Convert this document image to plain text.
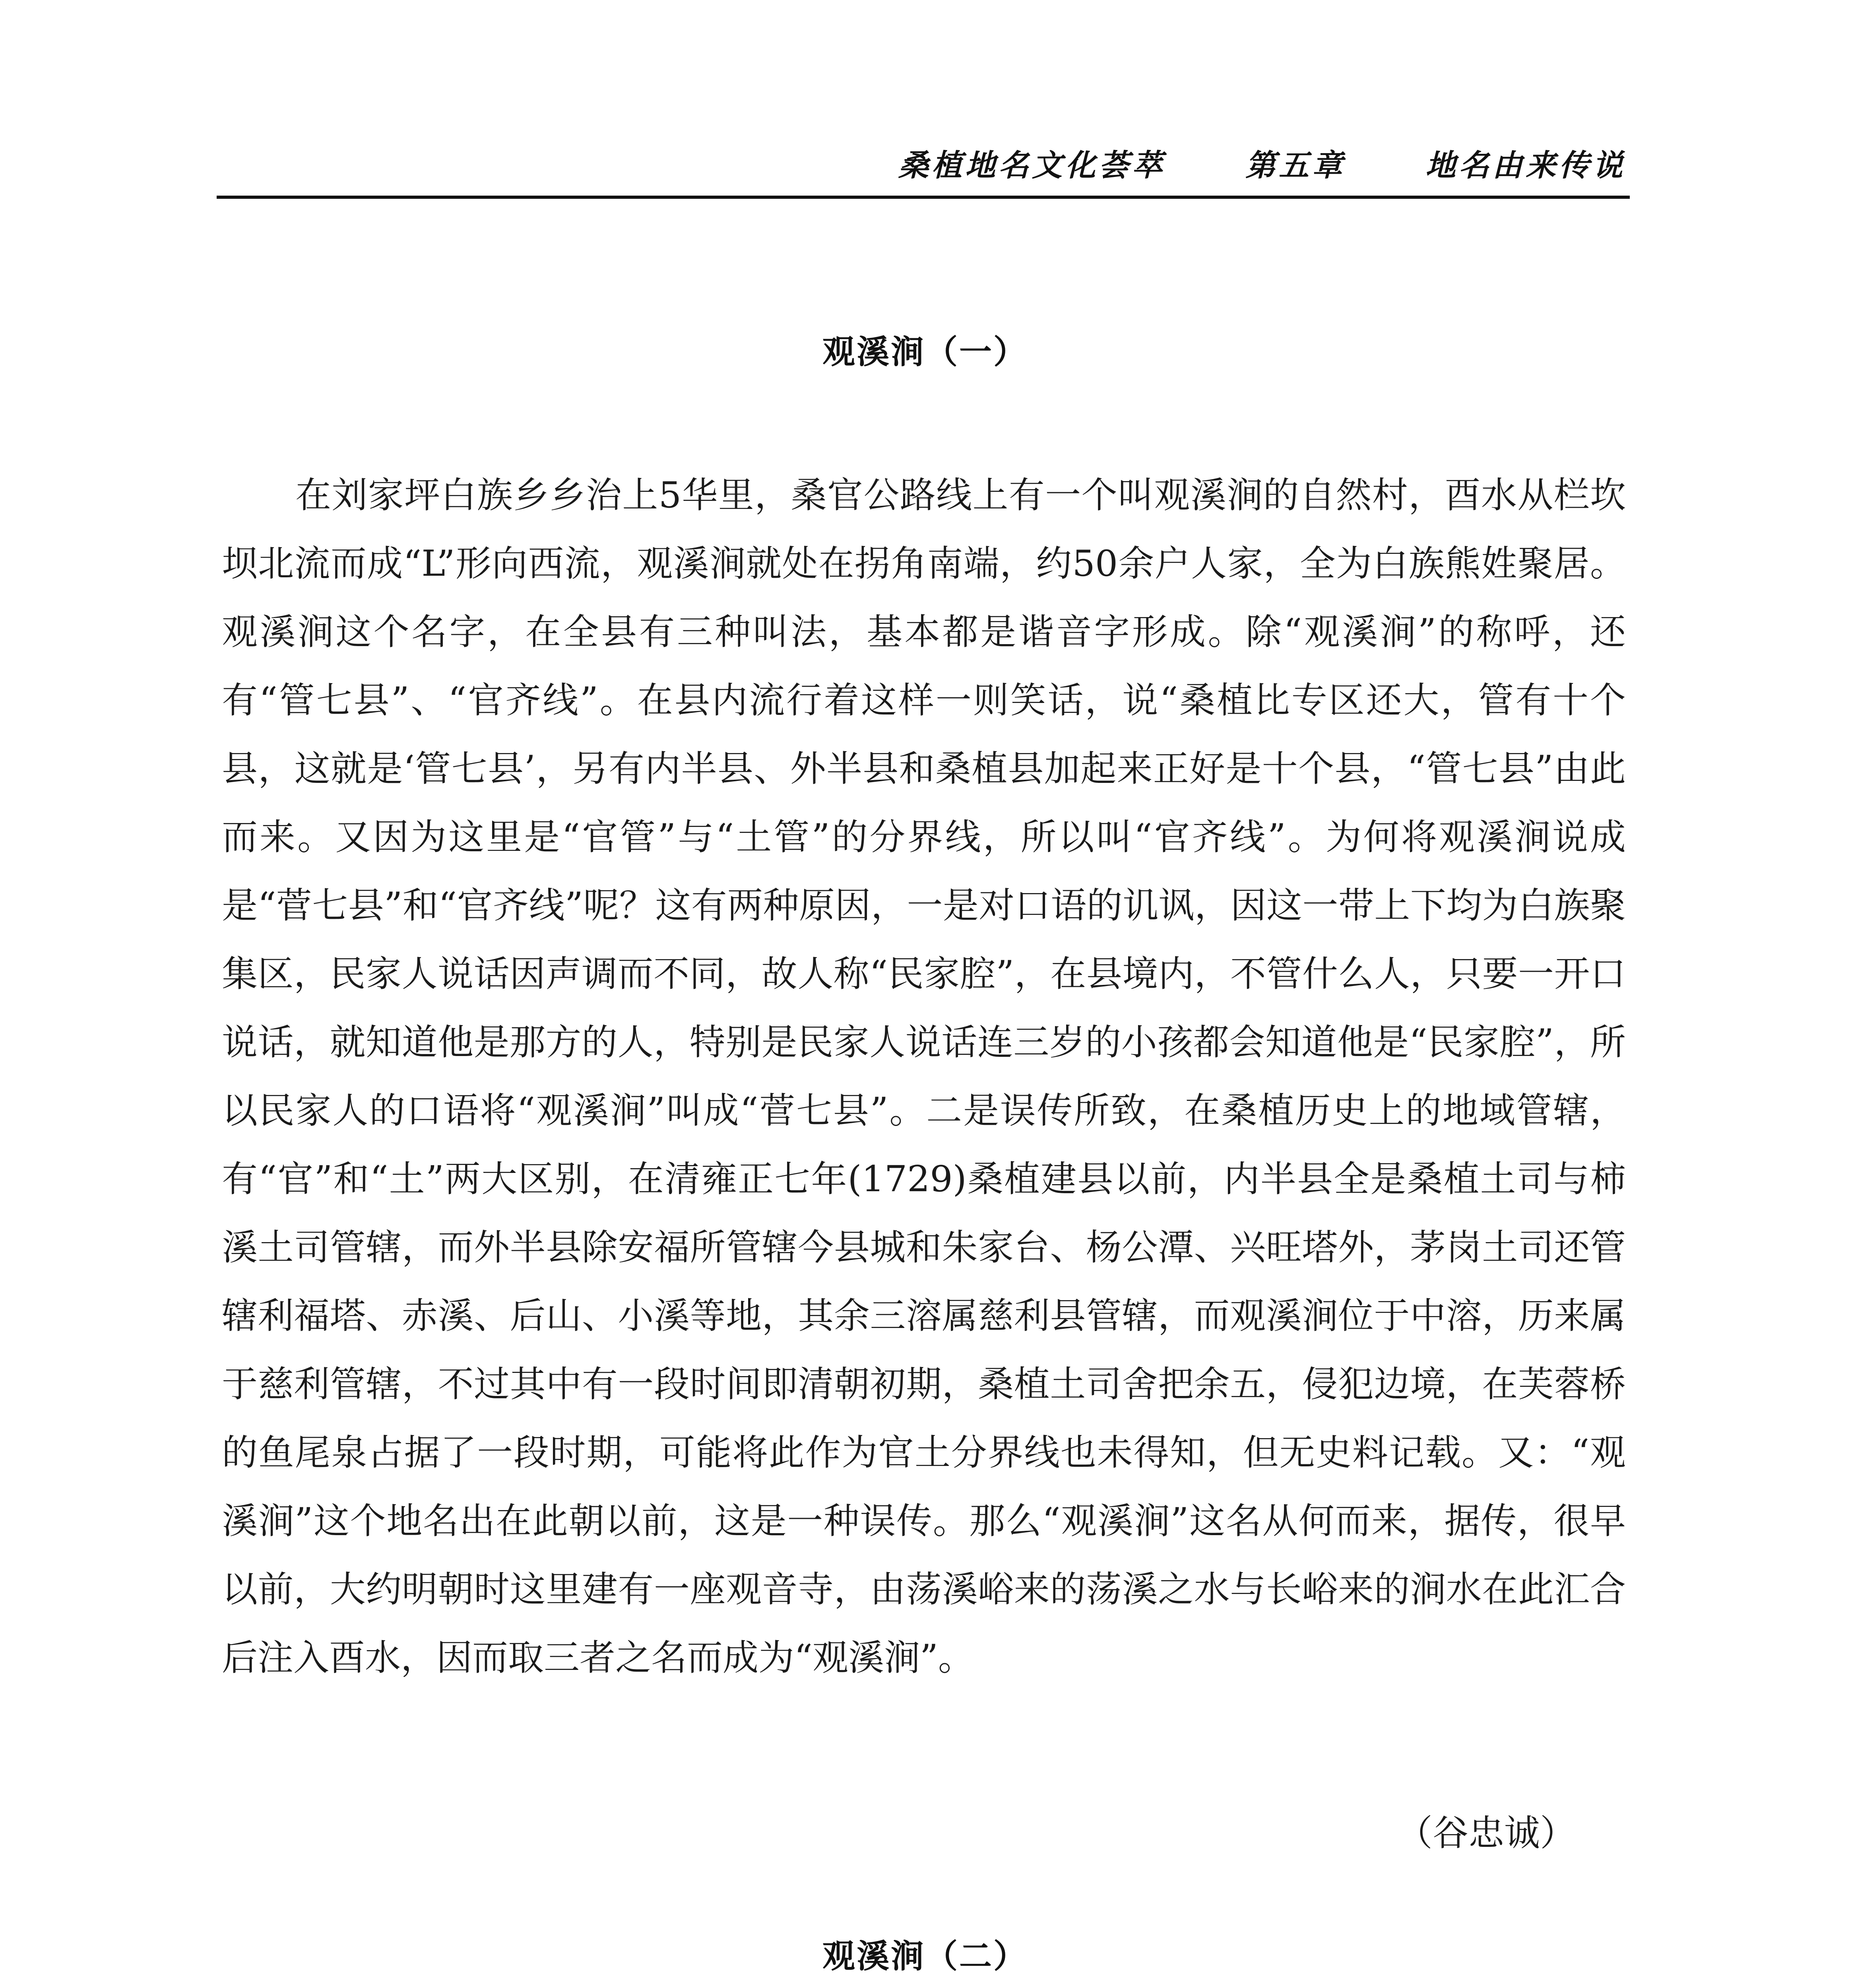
桑植地名文化荟萃	第五章	地名由来传说
观溪涧（一）

在刘家坪白族乡乡治上5华里，桑官公路线上有一个叫观溪涧的自然村，酉水从栏坎坝北流而成“L”形向西流，观溪涧就处在拐角南端，约50余户人家，全为白族熊姓聚居。观溪涧这个名字，在全县有三种叫法，基本都是谐音字形成。除“观溪涧”的称呼，还有“管七县”、“官齐线”。在县内流行着这样一则笑话，说“桑植比专区还大，管有十个县，这就是‘管七县’，另有内半县、外半县和桑植县加起来正好是十个县，“管七县”由此而来。又因为这里是“官管”与“土管”的分界线，所以叫“官齐线”。为何将观溪涧说成是“菅七县”和“官齐线”呢？这有两种原因，一是对口语的讥讽，因这一带上下均为白族聚集区，民家人说话因声调而不同，故人称“民家腔”，在县境内，不管什么人，只要一开口说话，就知道他是那方的人，特别是民家人说话连三岁的小孩都会知道他是“民家腔”，所以民家人的口语将“观溪涧”叫成“菅七县”。二是误传所致，在桑植历史上的地域管辖，有“官”和“土”两大区别，在清雍正七年(1729)桑植建县以前，内半县全是桑植土司与柿溪土司管辖，而外半县除安福所管辖今县城和朱家台、杨公潭、兴旺塔外，茅岗土司还管辖利福塔、赤溪、后山、小溪等地，其余三溶属慈利县管辖，而观溪涧位于中溶，历来属于慈利管辖，不过其中有一段时间即清朝初期，桑植土司舍把余五，侵犯边境，在芙蓉桥的鱼尾泉占据了一段时期，可能将此作为官土分界线也未得知，但无史料记载。又：“观溪涧”这个地名出在此朝以前，这是一种误传。那么“观溪涧”这名从何而来，据传，很早以前，大约明朝时这里建有一座观音寺，由荡溪峪来的荡溪之水与长峪来的涧水在此汇合后注入酉水，因而取三者之名而成为“观溪涧”。

（谷忠诚）
观溪涧（二）
